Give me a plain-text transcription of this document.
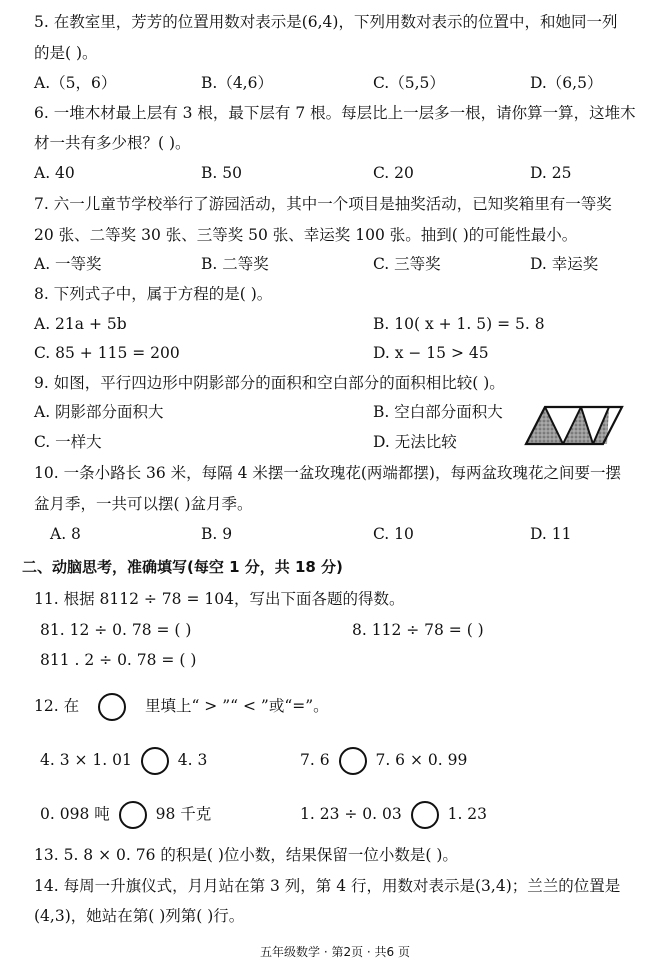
5. 在教室里，芳芳的位置用数对表示是(6,4)，下列用数对表示的位置中，和她同一列
的是( )。
A.（5，6）	B.（4,6）	C.（5,5）	D.（6,5）
6. 一堆木材最上层有 3 根，最下层有 7 根。每层比上一层多一根，请你算一算，这堆木
材一共有多少根？( )。
A. 40	B. 50	C. 20	D. 25
7. 六一儿童节学校举行了游园活动，其中一个项目是抽奖活动，已知奖箱里有一等奖
20 张、二等奖 30 张、三等奖 50 张、幸运奖 100 张。抽到( )的可能性最小。
A. 一等奖	B. 二等奖	C. 三等奖	D. 幸运奖
8. 下列式子中，属于方程的是( )。
A. 21a + 5b	B. 10( x + 1. 5) = 5. 8
C. 85 + 115 = 200	D. x − 15 > 45
9. 如图，平行四边形中阴影部分的面积和空白部分的面积相比较( )。
A. 阴影部分面积大	B. 空白部分面积大
C. 一样大	D. 无法比较
10. 一条小路长 36 米，每隔 4 米摆一盆玫瑰花(两端都摆)，每两盆玫瑰花之间要一摆
盆月季，一共可以摆( )盆月季。
A. 8	B. 9	C. 10	D. 11
二、动脑思考，准确填写(每空 1 分，共 18 分)
11. 根据 8112 ÷ 78 = 104，写出下面各题的得数。
81. 12 ÷ 0. 78 = ( )	8. 112 ÷ 78 = ( )
811 . 2 ÷ 0. 78 = ( )
12. 在	里填上“ > ”“ < ”或“=”。
4. 3 × 1. 01	4. 3	7. 6	7. 6 × 0. 99
0. 098 吨	98 千克	1. 23 ÷ 0. 03	1. 23
13. 5. 8 × 0. 76 的积是( )位小数，结果保留一位小数是( )。
14. 每周一升旗仪式，月月站在第 3 列，第 4 行，用数对表示是(3,4)；兰兰的位置是
(4,3)，她站在第( )列第( )行。
五年级数学 · 第2页 · 共6 页
